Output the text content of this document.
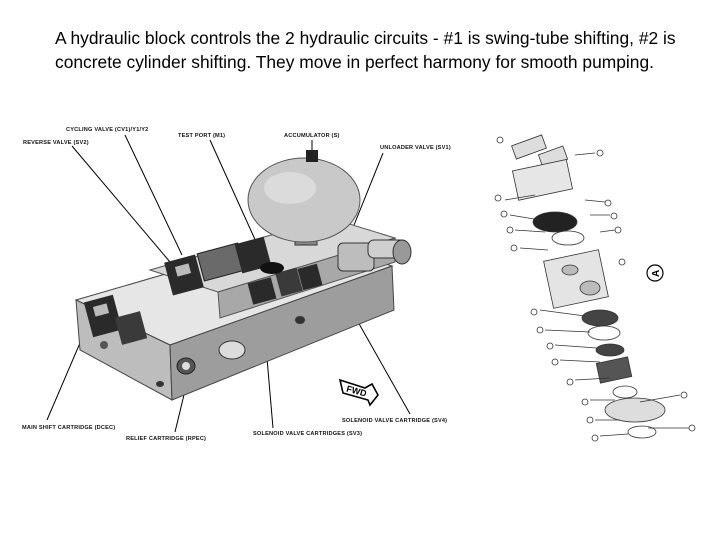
A hydraulic block controls the 2 hydraulic circuits - #1 is swing-tube shifting, #2 is concrete cylinder shifting. They move in perfect harmony for smooth pumping.

CYCLING VALVE (CV1)/Y1/Y2
TEST PORT (M1)	ACCUMULATOR (S)
REVERSE VALVE (SV2)
UNLOADER VALVE (SV1)
MAIN SHIFT CARTRIDGE (DCEC)
RELIEF CARTRIDGE (RPEC)
SOLENOID VALVE CARTRIDGES (SV3)
SOLENOID VALVE CARTRIDGE (SV4)
FWD
A
